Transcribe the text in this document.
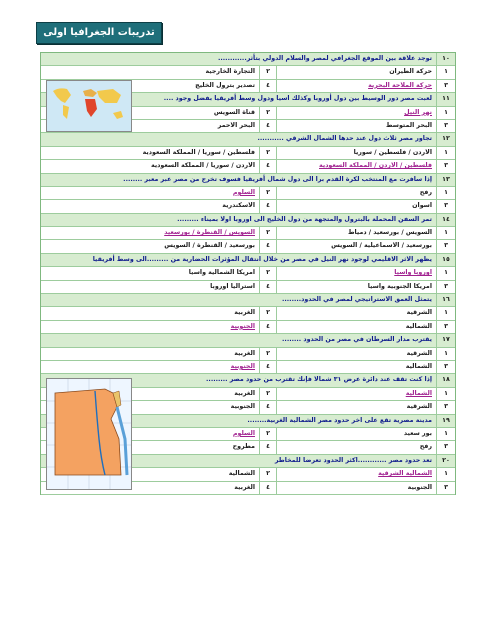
تدريبات الجغرافيا اولى
١٠
توجد علاقة بين الموقع الجغرافي لمصر والسلام الدولي بتأثر............
١
حركة الطيران
٢
التجارة الخارجية
٣
حركة الملاحة البحرية
٤
تصدير بترول الخليج
١١
لعبت مصر دور الوسيط بين دول أوروبا وكذلك اسيا ودول وسط أفريقيا بفضل وجود ....
١
نهر النيل
٢
قناة السويس
٣
البحر المتوسط
٤
البحر الاحمر
١٢
تجاور مصر ثلاث دول عند حدها الشمال الشرقي ...........
١
الاردن / فلسطين / سوريا
٢
فلسطين / سوريا / المملكة السعودية
٣
فلسطين / الاردن / المملكة السعودية
٤
الاردن / سوريا / المملكة السعودية
١٣
إذا سافرت مع المنتخب لكرة القدم برا الى دول شمال أفريقيا فسوف تخرج من مصر عبر معبر ........
١
رفح
٢
السلوم
٣
اسوان
٤
الاسكندرية
١٤
تمر السفن المحملة بالبترول والمتجهة من دول الخليج الى اوروبا اولا بميناء .........
١
السويس / بورسعيد / دمياط
٢
السويس / القنطرة / بورسعيد
٣
بورسعيد / الاسماعيلية / السويس
٤
بورسعيد / القنطرة / السويس
١٥
يظهر الاثر الاقليمي لوجود نهر النيل في مصر من خلال انتقال المؤثرات الحضارية من .........الى وسط أفريقيا
١
اوروبا واسيا
٢
امريكا الشمالية واسيا
٣
امريكا الجنوبية واسيا
٤
استراليا اوروبا
١٦
يتمثل العمق الاستراتيجي لمصر في الحدود........
١
الشرقية
٢
الغربية
٣
الشمالية
٤
الجنوبية
١٧
يقترب مدار السرطان في مصر من الحدود ........
١
الشرقية
٢
الغربية
٣
الشمالية
٤
الجنوبية
١٨
إذا كنت تقف عند دائرة عرض ٣١ شمالا فإنك تقترب من حدود مصر .........
١
الشمالية
٢
الغربية
٣
الشرقية
٤
الجنوبية
١٩
مدينة مصرية تقع على اخر حدود مصر الشمالية الغربية........
١
بور سعيد
٢
السلوم
٣
رفح
٤
مطروح
٢٠
تعد حدود مصر ............اكثر الحدود تعرضا للمخاطر
١
الشمالية الشرقية
٢
الشمالية
٣
الجنوبية
٤
الغربية
